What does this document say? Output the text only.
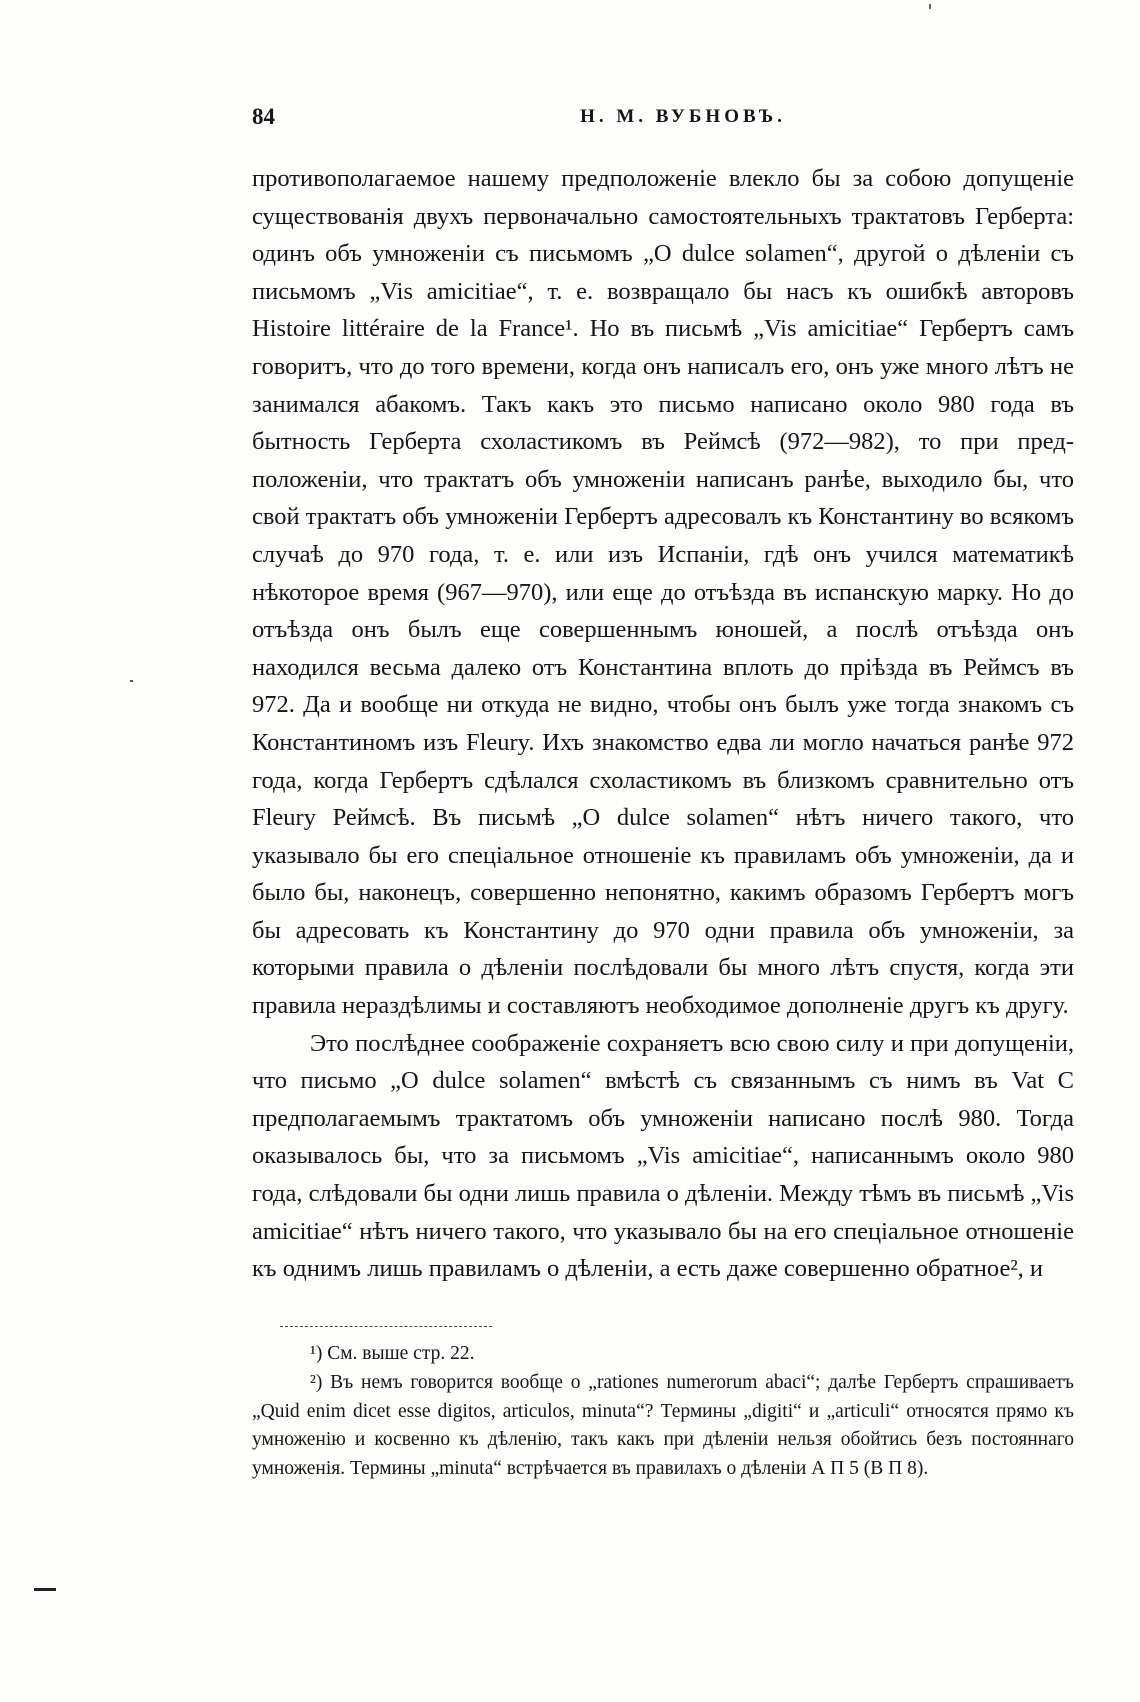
84	Н. М. ВУБНОВЪ.

противополагаемое нашему предположеніе влекло бы за собою допущеніе существованія двухъ первоначально самостоятельныхъ трактатовъ Герберта: одинъ объ умноженіи съ письмомъ „O dulce solamen“, другой о дѣленіи съ письмомъ „Vis amicitiae“, т. е. возвращало бы насъ къ ошибкѣ авторовъ Histoire littéraire de la France¹. Но въ письмѣ „Vis amicitiae“ Гербертъ самъ говоритъ, что до того времени, когда онъ написалъ его, онъ уже много лѣтъ не занимался абакомъ. Такъ какъ это письмо написано около 980 года въ бытность Герберта схоластикомъ въ Реймсѣ (972—982), то при предположеніи, что трактатъ объ умноженіи написанъ ранѣе, выходило бы, что свой трактатъ объ умноженіи Гербертъ адресовалъ къ Константину во всякомъ случаѣ до 970 года, т. е. или изъ Испаніи, гдѣ онъ учился математикѣ нѣкоторое время (967—970), или еще до отъѣзда въ испанскую марку. Но до отъѣзда онъ былъ еще совершеннымъ юношей, а послѣ отъѣзда онъ находился весьма далеко отъ Константина вплоть до пріѣзда въ Реймсъ въ 972. Да и вообще ни откуда не видно, чтобы онъ былъ уже тогда знакомъ съ Константиномъ изъ Fleury. Ихъ знакомство едва ли могло начаться ранѣе 972 года, когда Гербертъ сдѣлался схоластикомъ въ близкомъ сравнительно отъ Fleury Реймсѣ. Въ письмѣ „O dulce solamen“ нѣтъ ничего такого, что указывало бы его спеціальное отношеніе къ правиламъ объ умноженіи, да и было бы, наконецъ, совершенно непонятно, какимъ образомъ Гербертъ могъ бы адресовать къ Константину до 970 одни правила объ умноженіи, за которыми правила о дѣленіи послѣдовали бы много лѣтъ спустя, когда эти правила нераздѣлимы и составляютъ необходимое дополненіе другъ къ другу.

Это послѣднее соображеніе сохраняетъ всю свою силу и при допущеніи, что письмо „O dulce solamen“ вмѣстѣ съ связаннымъ съ нимъ въ Vat C предполагаемымъ трактатомъ объ умноженіи написано послѣ 980. Тогда оказывалось бы, что за письмомъ „Vis amicitiae“, написаннымъ около 980 года, слѣдовали бы одни лишь правила о дѣленіи. Между тѣмъ въ письмѣ „Vis amicitiae“ нѣтъ ничего такого, что указывало бы на его спеціальное отношеніе къ однимъ лишь правиламъ о дѣленіи, а есть даже совершенно обратное², и

¹) См. выше стр. 22.

²) Въ немъ говорится вообще о „rationes numerorum abaci“; далѣе Гербертъ спрашиваетъ „Quid enim dicet esse digitos, articulos, minuta“? Термины „digiti“ и „articuli“ относятся прямо къ умноженію и косвенно къ дѣленію, такъ какъ при дѣленіи нельзя обойтись безъ постояннаго умноженія. Термины „minuta“ встрѣчается въ правилахъ о дѣленіи А П 5 (В П 8).
